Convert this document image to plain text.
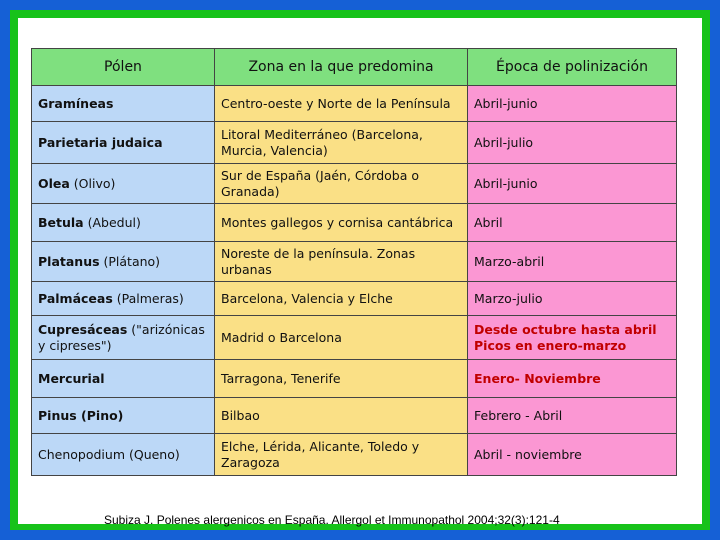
Pólen	Zona en la que predomina	Época de polinización
Gramíneas	Centro-oeste y Norte de la Península	Abril-junio
Parietaria judaica	Litoral Mediterráneo (Barcelona, Murcia, Valencia)	Abril-julio
Olea (Olivo)	Sur de España (Jaén, Córdoba o Granada)	Abril-junio
Betula (Abedul)	Montes gallegos y cornisa cantábrica	Abril
Platanus (Plátano)	Noreste de la península. Zonas urbanas	Marzo-abril
Palmáceas (Palmeras)	Barcelona, Valencia y Elche	Marzo-julio
Cupresáceas ("arizónicas y cipreses")	Madrid o Barcelona	Desde octubre hasta abril Picos en enero-marzo
Mercurial	Tarragona, Tenerife	Enero- Noviembre
Pinus (Pino)	Bilbao	Febrero - Abril
Chenopodium (Queno)	Elche, Lérida, Alicante, Toledo y Zaragoza	Abril - noviembre
Subiza J. Polenes alergenicos en España. Allergol et Immunopathol 2004;32(3):121-4
